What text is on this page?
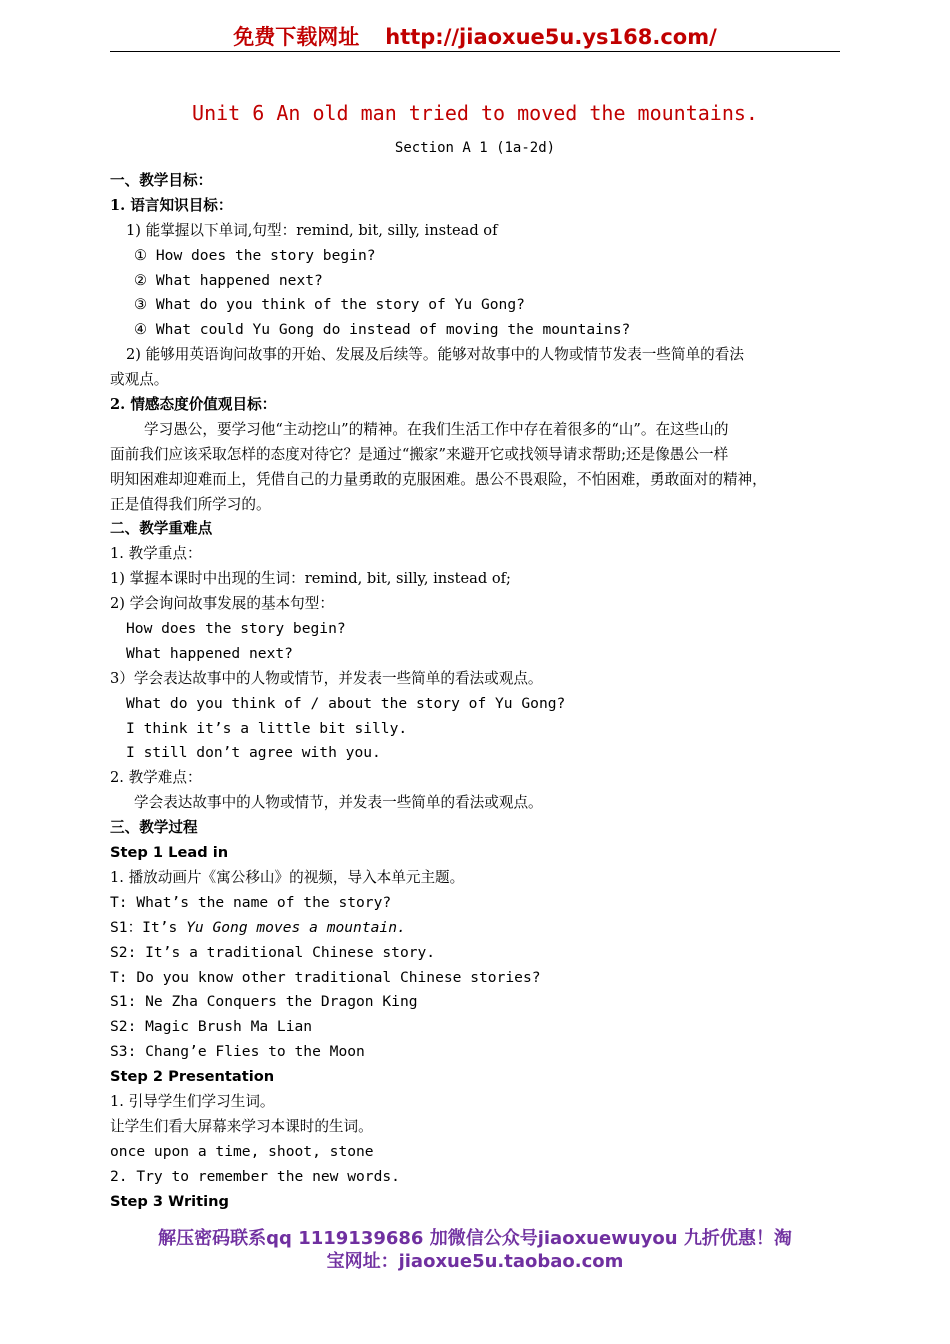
免费下载网址 http://jiaoxue5u.ys168.com/
Unit 6 An old man tried to moved the mountains.
Section A 1 (1a-2d)
一、教学目标：
1. 语言知识目标：
1) 能掌握以下单词,句型：remind, bit, silly, instead of
① How does the story begin?
② What happened next?
③ What do you think of the story of Yu Gong?
④ What could Yu Gong do instead of moving the mountains?
2) 能够用英语询问故事的开始、发展及后续等。能够对故事中的人物或情节发表一些简单的看法
或观点。
2. 情感态度价值观目标：
学习愚公，要学习他“主动挖山”的精神。在我们生活工作中存在着很多的“山”。在这些山的
面前我们应该采取怎样的态度对待它？是通过“搬家”来避开它或找领导请求帮助;还是像愚公一样
明知困难却迎难而上，凭借自己的力量勇敢的克服困难。愚公不畏艰险，不怕困难，勇敢面对的精神，
正是值得我们所学习的。
二、教学重难点
1. 教学重点：
1) 掌握本课时中出现的生词：remind, bit, silly, instead of;
2) 学会询问故事发展的基本句型：
How does the story begin?
What happened next?
3）学会表达故事中的人物或情节，并发表一些简单的看法或观点。
What do you think of / about the story of Yu Gong?
I think it’s a little bit silly.
I still don’t agree with you.
2. 教学难点：
学会表达故事中的人物或情节，并发表一些简单的看法或观点。
三、教学过程
Step 1 Lead in
1. 播放动画片《寓公移山》的视频，导入本单元主题。
T: What’s the name of the story?
S1：It’s Yu Gong moves a mountain.
S2: It’s a traditional Chinese story.
T: Do you know other traditional Chinese stories?
S1: Ne Zha Conquers the Dragon King
S2: Magic Brush Ma Lian
S3: Chang’e Flies to the Moon
Step 2 Presentation
1. 引导学生们学习生词。
让学生们看大屏幕来学习本课时的生词。
once upon a time, shoot, stone
2. Try to remember the new words.
Step 3 Writing
解压密码联系qq 1119139686 加微信公众号jiaoxuewuyou 九折优惠！淘
宝网址：jiaoxue5u.taobao.com
